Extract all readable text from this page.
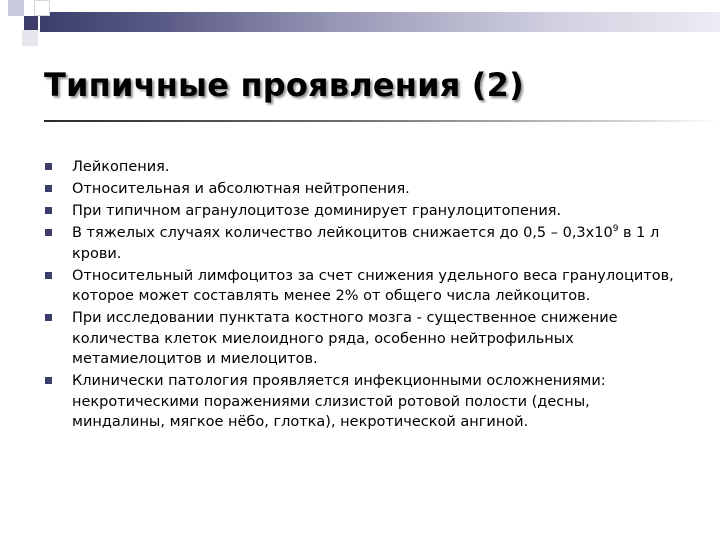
Типичные проявления (2)
Лейкопения.
Относительная и абсолютная нейтропения.
При типичном агранулоцитозе доминирует гранулоцитопения.
В тяжелых случаях количество лейкоцитов снижается до $0,5 - 0,3х10^9$ в 1 л крови.
Относительный лимфоцитоз за счет снижения удельного веса гранулоцитов, которое может составлять менее 2% от общего числа лейкоцитов.
При исследовании пунктата костного мозга - существенное снижение количества клеток миелоидного ряда, особенно нейтрофильных метамиелоцитов и миелоцитов.
Клинически патология проявляется инфекционными осложнениями: некротическими поражениями слизистой ротовой полости (десны, миндалины, мягкое нёбо, глотка), некротической ангиной.
